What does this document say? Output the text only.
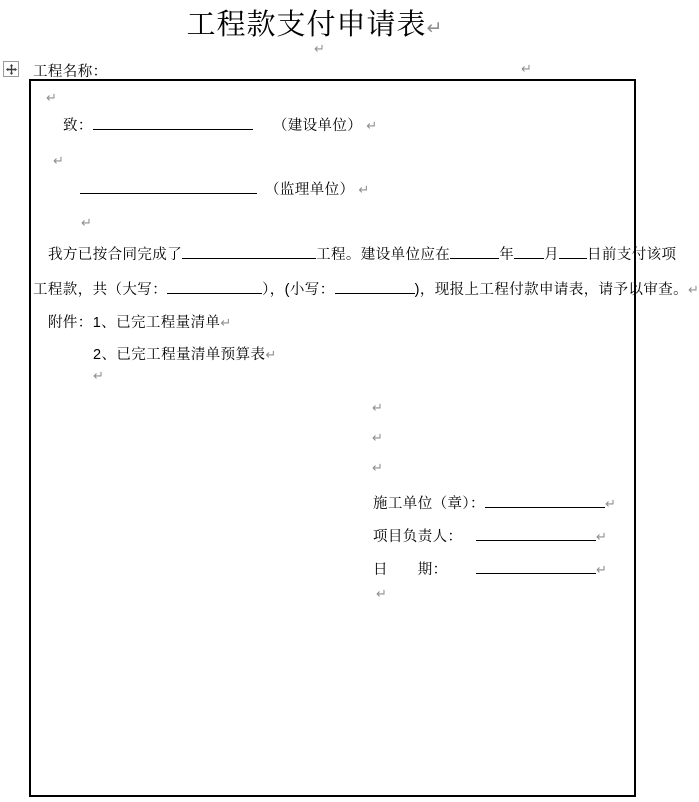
工程款支付申请表↵
↵
工程名称：	↵
↵
致：	（建设单位） ↵
↵
（监理单位） ↵
↵
我方已按合同完成了	工程。建设单位应在	年 月 日前支付该项
工程款，共（大写：	），(小写：	)，现报上工程付款申请表，请予以审查。↵
附件：1、已完工程量清单↵
2、已完工程量清单预算表↵
↵
↵
↵
↵
施工单位（章）：	↵
项目负责人：	↵
日　　期：	↵
↵
